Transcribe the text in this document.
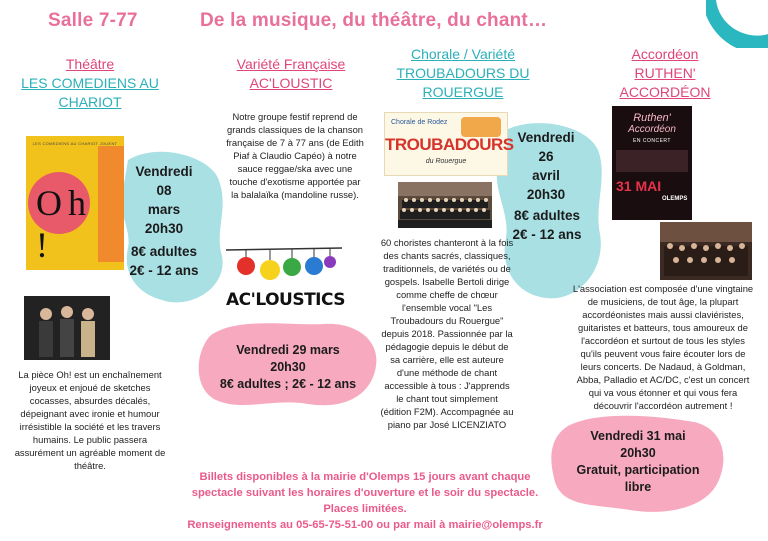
Salle 7-77	De la musique, du théâtre, du chant…
Théâtre
LES COMEDIENS AU
CHARIOT
LES COMEDIENS AU CHARIOT JOUENT
Oh !
Vendredi
08
mars
20h30
8€ adultes
2€ - 12 ans
La pièce Oh! est un enchaînement joyeux et enjoué de sketches cocasses, absurdes décalés, dépeignant avec ironie et humour irrésistible la société et les travers humains. Le public passera assurément un agréable moment de théâtre.
Variété Française
AC'LOUSTIC
Notre groupe festif reprend de grands classiques de la chanson française de 7 à 77 ans (de Edith Piaf à Claudio Capéo) à notre sauce reggae/ska avec une touche d'exotisme apportée par la balalaïka (mandoline russe).
AC'LOUSTICS
Vendredi 29 mars
20h30
8€ adultes ; 2€ - 12 ans
Chorale / Variété
TROUBADOURS DU
ROUERGUE
Chorale de Rodez
TROUBADOURS
du Rouergue
Vendredi
26
avril
20h30
8€ adultes
2€ - 12 ans
60 choristes chanteront à la fois des chants sacrés, classiques, traditionnels, de variétés ou de gospels. Isabelle Bertoli dirige comme cheffe de chœur l'ensemble vocal "Les Troubadours du Rouergue" depuis 2018. Passionnée par la pédagogie depuis le début de sa carrière, elle est auteure d'une méthode de chant accessible à tous : J'apprends le chant tout simplement (édition F2M). Accompagnée au piano par José LICENZIATO
Accordéon
RUTHEN'
ACCORDÉON
Ruthen'
Accordéon
EN CONCERT
31 MAI
OLEMPS
L'association est composée d'une vingtaine de musiciens, de tout âge, la plupart accordéonistes mais aussi claviéristes, guitaristes et batteurs, tous amoureux de l'accordéon et surtout de tous les styles qu'ils peuvent vous faire écouter lors de leurs concerts. De Nadaud, à Goldman, Abba, Palladio et AC/DC, c'est un concert qui va vous étonner et qui vous fera découvrir l'accordéon autrement !
Vendredi 31 mai
20h30
Gratuit, participation
libre
Billets disponibles à la mairie d'Olemps 15 jours avant chaque
spectacle suivant les horaires d'ouverture et le soir du spectacle.
Places limitées.
Renseignements au 05-65-75-51-00 ou par mail à mairie@olemps.fr
